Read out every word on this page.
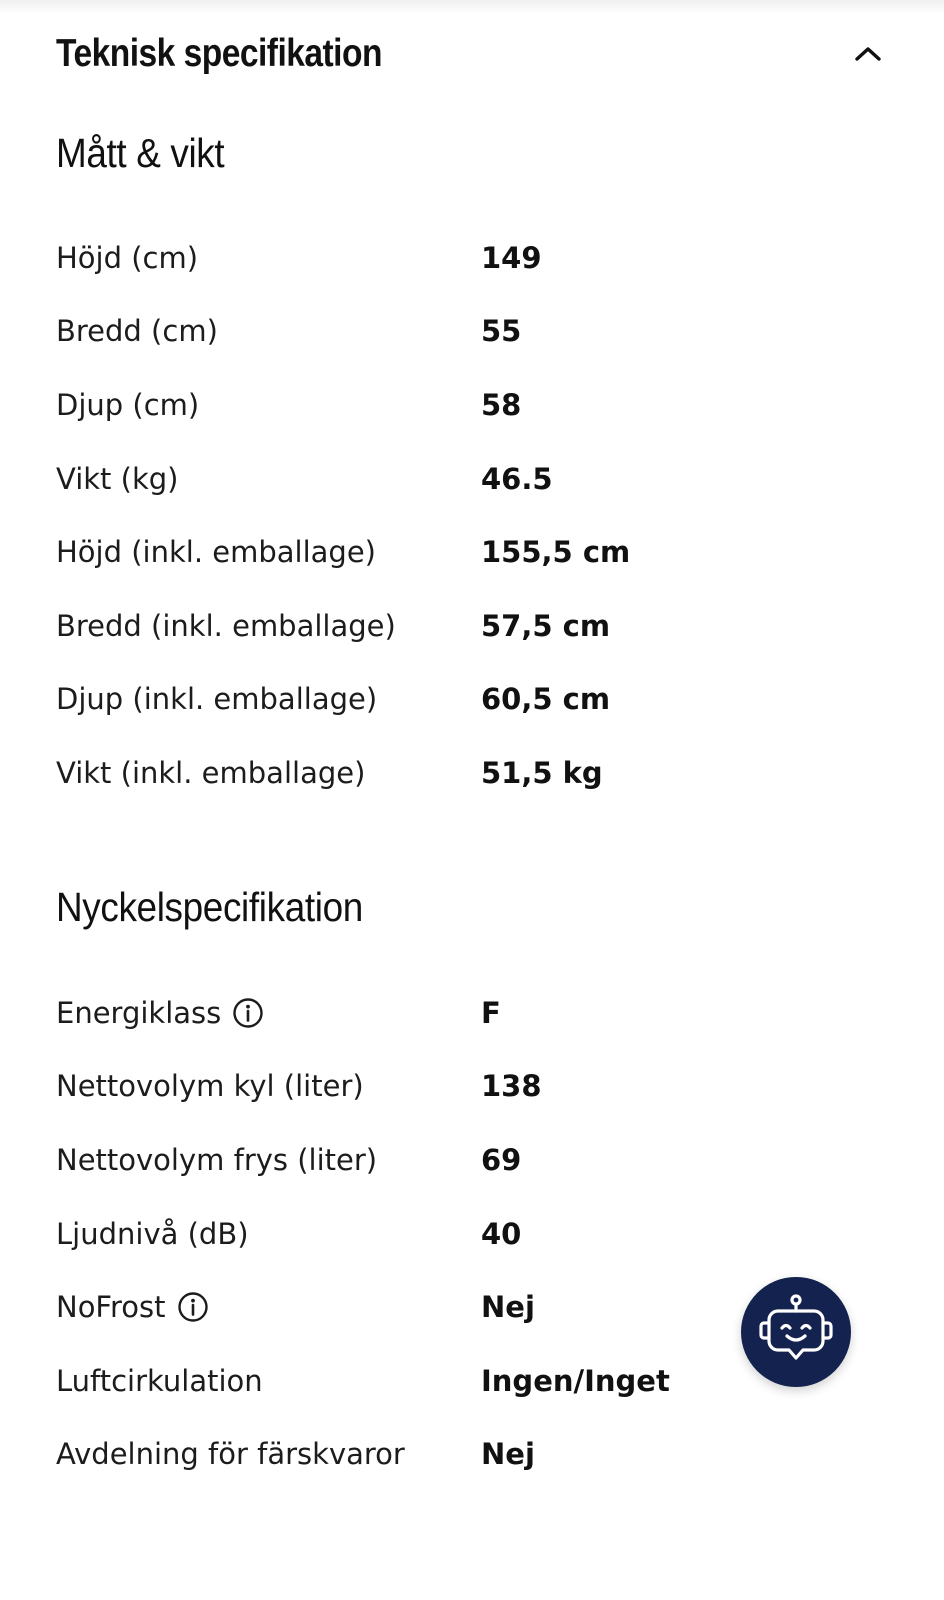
Teknisk specifikation
Mått & vikt
Höjd (cm)	149
Bredd (cm)	55
Djup (cm)	58
Vikt (kg)	46.5
Höjd (inkl. emballage)	155,5 cm
Bredd (inkl. emballage)	57,5 cm
Djup (inkl. emballage)	60,5 cm
Vikt (inkl. emballage)	51,5 kg
Nyckelspecifikation
Energiklass	F
Nettovolym kyl (liter)	138
Nettovolym frys (liter)	69
Ljudnivå (dB)	40
NoFrost	Nej
Luftcirkulation	Ingen/Inget
Avdelning för färskvaror	Nej
